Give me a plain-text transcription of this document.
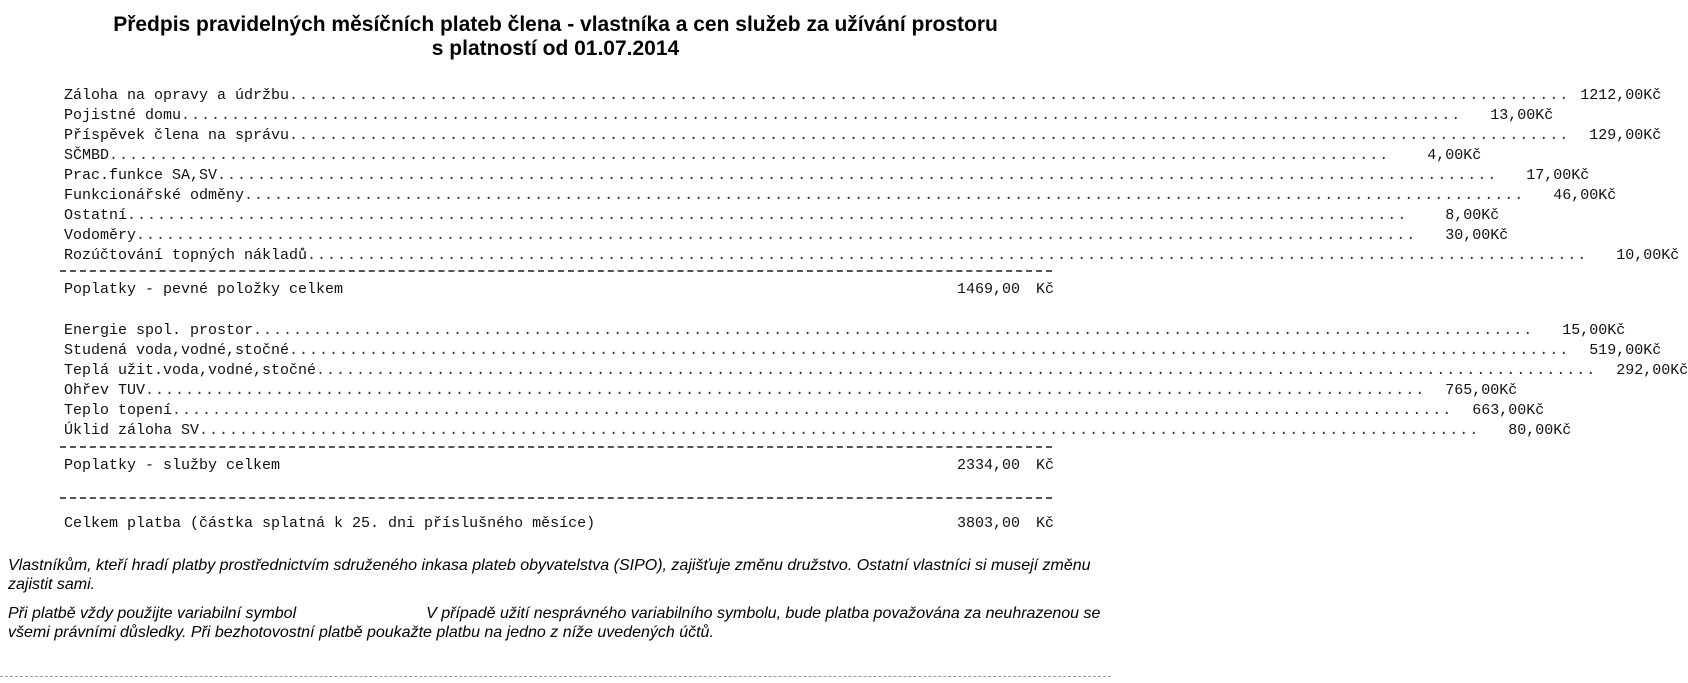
Předpis pravidelných měsíčních plateb člena - vlastníka a cen služeb za užívání prostoru
s platností od 01.07.2014
Záloha na opravy a údržbu ................................................................................................................................ 1212,00 Kč
Pojistné domu ................................................................................................................................	13,00 Kč
Příspěvek člena na správu ................................................................................................................................	129,00 Kč
SČMBD ................................................................................................................................	4,00 Kč
Prac.funkce SA,SV ................................................................................................................................	17,00 Kč
Funkcionářské odměny ................................................................................................................................	46,00 Kč
Ostatní ................................................................................................................................	8,00 Kč
Vodoměry ................................................................................................................................	30,00 Kč
Rozúčtování topných nákladů ................................................................................................................................	10,00 Kč
Poplatky - pevné položky celkem	1469,00	Kč
Energie spol. prostor ................................................................................................................................	15,00 Kč
Studená voda,vodné,stočné ................................................................................................................................	519,00 Kč
Teplá užit.voda,vodné,stočné ................................................................................................................................	292,00 Kč
Ohřev TUV ................................................................................................................................	765,00 Kč
Teplo topení ................................................................................................................................	663,00 Kč
Úklid záloha SV ................................................................................................................................	80,00 Kč
Poplatky - služby celkem	2334,00	Kč
Celkem platba (částka splatná k 25. dni příslušného měsíce)	3803,00	Kč

Vlastníkům, kteří hradí platby prostřednictvím sdruženého inkasa plateb obyvatelstva (SIPO), zajišťuje změnu družstvo. Ostatní vlastníci si musejí změnu zajistit sami.

Při platbě vždy použijte variabilní symbol	V případě užití nesprávného variabilního symbolu, bude platba považována za neuhrazenou se všemi právními důsledky. Při bezhotovostní platbě poukažte platbu na jedno z níže uvedených účtů.
